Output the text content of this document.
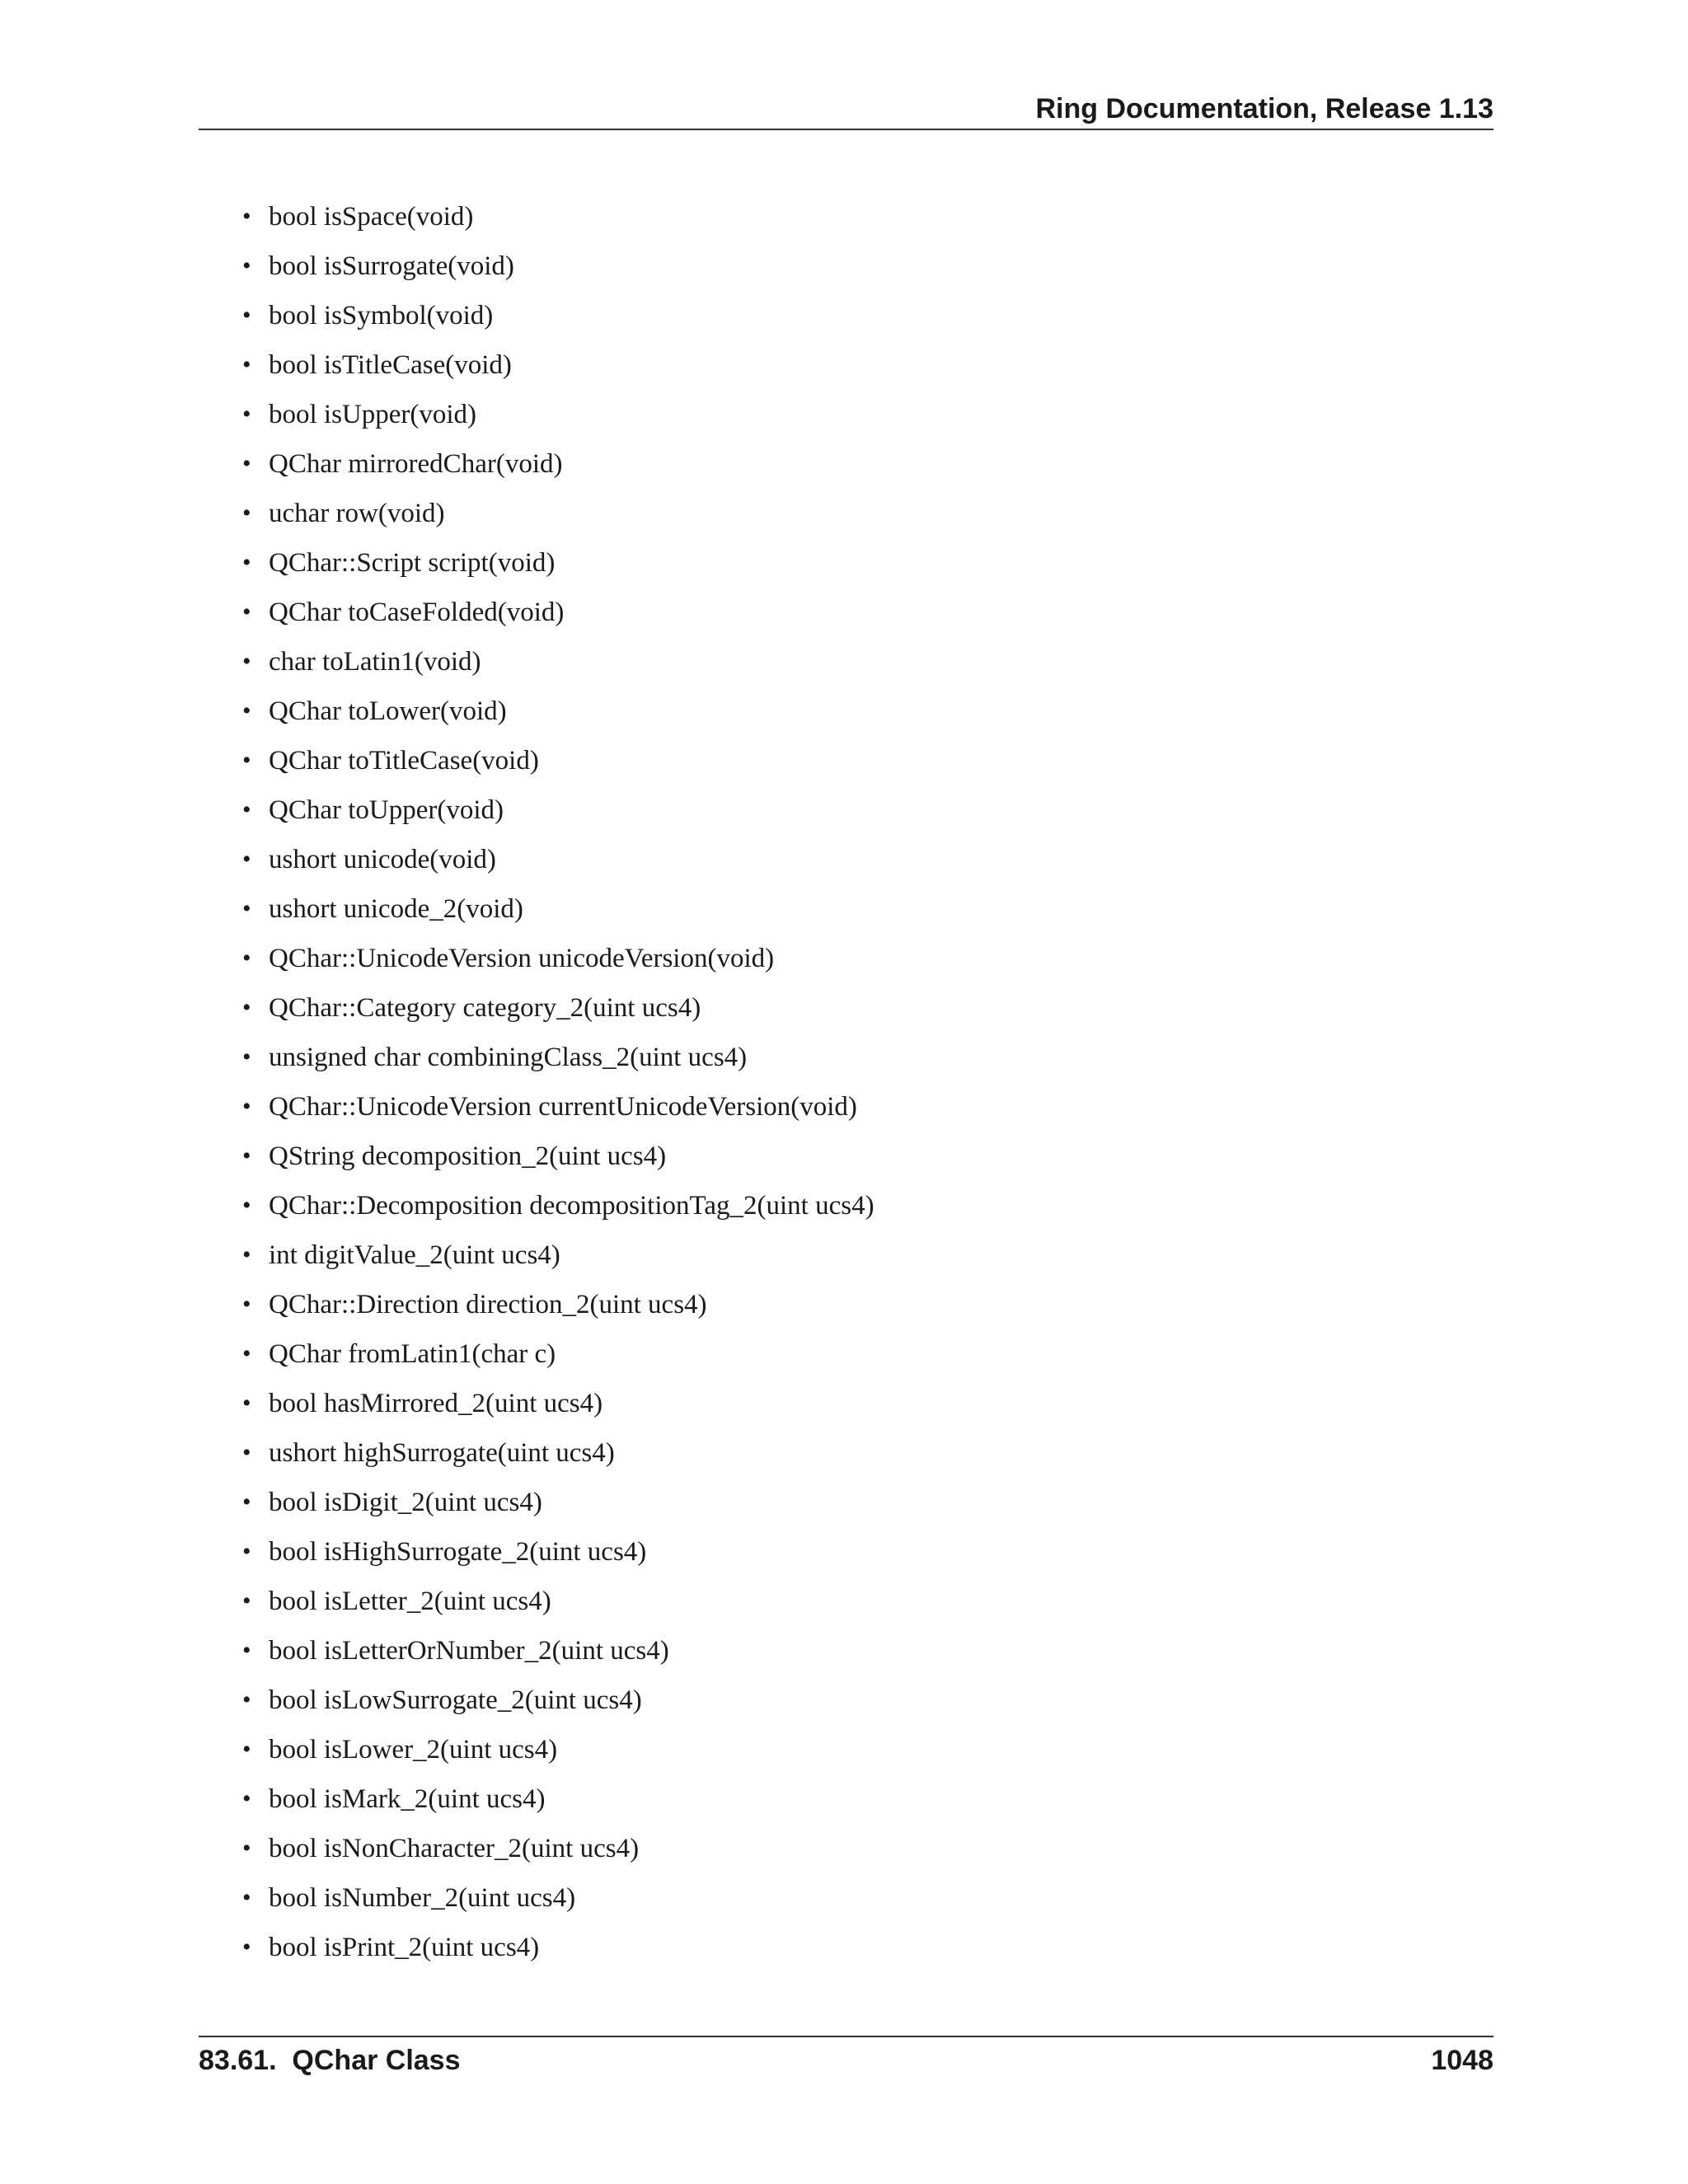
Ring Documentation, Release 1.13
• bool isSpace(void)
• bool isSurrogate(void)
• bool isSymbol(void)
• bool isTitleCase(void)
• bool isUpper(void)
• QChar mirroredChar(void)
• uchar row(void)
• QChar::Script script(void)
• QChar toCaseFolded(void)
• char toLatin1(void)
• QChar toLower(void)
• QChar toTitleCase(void)
• QChar toUpper(void)
• ushort unicode(void)
• ushort unicode_2(void)
• QChar::UnicodeVersion unicodeVersion(void)
• QChar::Category category_2(uint ucs4)
• unsigned char combiningClass_2(uint ucs4)
• QChar::UnicodeVersion currentUnicodeVersion(void)
• QString decomposition_2(uint ucs4)
• QChar::Decomposition decompositionTag_2(uint ucs4)
• int digitValue_2(uint ucs4)
• QChar::Direction direction_2(uint ucs4)
• QChar fromLatin1(char c)
• bool hasMirrored_2(uint ucs4)
• ushort highSurrogate(uint ucs4)
• bool isDigit_2(uint ucs4)
• bool isHighSurrogate_2(uint ucs4)
• bool isLetter_2(uint ucs4)
• bool isLetterOrNumber_2(uint ucs4)
• bool isLowSurrogate_2(uint ucs4)
• bool isLower_2(uint ucs4)
• bool isMark_2(uint ucs4)
• bool isNonCharacter_2(uint ucs4)
• bool isNumber_2(uint ucs4)
• bool isPrint_2(uint ucs4)
83.61.  QChar Class	1048
